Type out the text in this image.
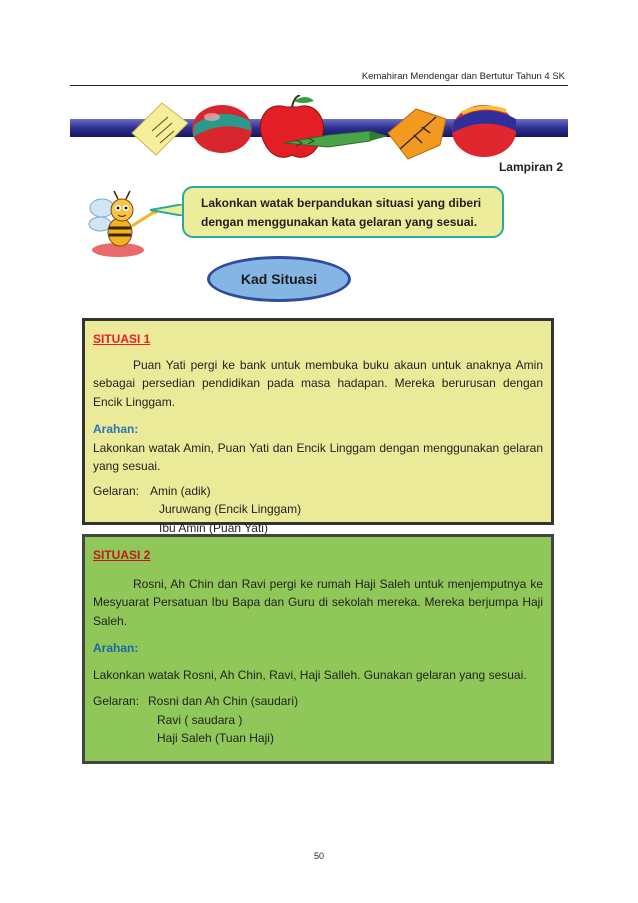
Kemahiran Mendengar dan Bertutur Tahun 4 SK
Lampiran 2
Lakonkan watak berpandukan situasi yang diberi
dengan menggunakan kata gelaran yang sesuai.
Kad Situasi
SITUASI 1
Puan Yati pergi ke bank untuk membuka buku akaun untuk anaknya Amin sebagai persedian pendidikan pada masa hadapan. Mereka berurusan dengan Encik Linggam.
Arahan:
Lakonkan watak Amin, Puan Yati dan Encik Linggam dengan menggunakan gelaran yang sesuai.
Gelaran: Amin (adik)
Juruwang (Encik Linggam)
Ibu Amin (Puan Yati)
SITUASI 2
Rosni, Ah Chin dan Ravi pergi ke rumah Haji Saleh untuk menjemputnya ke Mesyuarat Persatuan Ibu Bapa dan Guru di sekolah mereka. Mereka berjumpa Haji Saleh.
Arahan:
Lakonkan watak Rosni, Ah Chin, Ravi, Haji Salleh. Gunakan gelaran yang sesuai.
Gelaran: Rosni dan Ah Chin (saudari)
Ravi ( saudara )
Haji Saleh (Tuan Haji)
50
